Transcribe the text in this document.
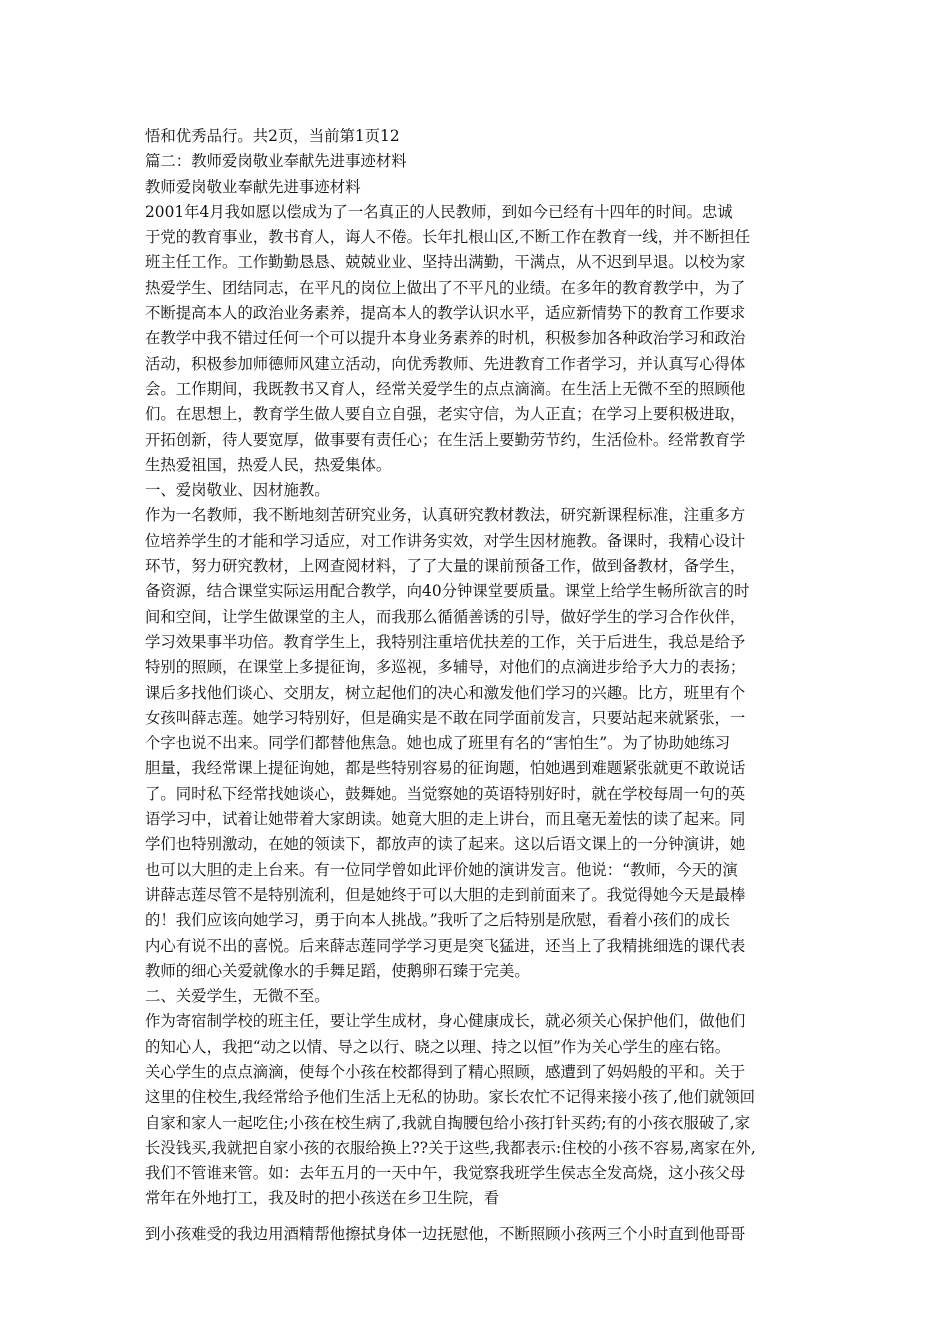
悟和优秀品行。共2页，当前第1页12
篇二：教师爱岗敬业奉献先进事迹材料
教师爱岗敬业奉献先进事迹材料
2001年4月我如愿以偿成为了一名真正的人民教师，到如今已经有十四年的时间。忠诚
于党的教育事业，教书育人，诲人不倦。长年扎根山区,不断工作在教育一线，并不断担任
班主任工作。工作勤勤恳恳、兢兢业业、坚持出满勤，干满点，从不迟到早退。以校为家
热爱学生、团结同志，在平凡的岗位上做出了不平凡的业绩。在多年的教育教学中，为了
不断提高本人的政治业务素养，提高本人的教学认识水平，适应新情势下的教育工作要求
在教学中我不错过任何一个可以提升本身业务素养的时机，积极参加各种政治学习和政治
活动，积极参加师德师风建立活动，向优秀教师、先进教育工作者学习，并认真写心得体
会。工作期间，我既教书又育人，经常关爱学生的点点滴滴。在生活上无微不至的照顾他
们。在思想上，教育学生做人要自立自强，老实守信，为人正直；在学习上要积极进取，
开拓创新，待人要宽厚，做事要有责任心；在生活上要勤劳节约，生活俭朴。经常教育学
生热爱祖国，热爱人民，热爱集体。
一、爱岗敬业、因材施教。
作为一名教师，我不断地刻苦研究业务，认真研究教材教法，研究新课程标准，注重多方
位培养学生的才能和学习适应，对工作讲务实效，对学生因材施教。备课时，我精心设计
环节，努力研究教材，上网查阅材料，了了大量的课前预备工作，做到备教材，备学生，
备资源，结合课堂实际运用配合教学，向40分钟课堂要质量。课堂上给学生畅所欲言的时
间和空间，让学生做课堂的主人，而我那么循循善诱的引导，做好学生的学习合作伙伴，
学习效果事半功倍。教育学生上，我特别注重培优扶差的工作，关于后进生，我总是给予
特别的照顾，在课堂上多提征询，多巡视，多辅导，对他们的点滴进步给予大力的表扬；
课后多找他们谈心、交朋友，树立起他们的决心和激发他们学习的兴趣。比方，班里有个
女孩叫薛志莲。她学习特别好，但是确实是不敢在同学面前发言，只要站起来就紧张，一
个字也说不出来。同学们都替他焦急。她也成了班里有名的“害怕生”。为了协助她练习
胆量，我经常课上提征询她，都是些特别容易的征询题，怕她遇到难题紧张就更不敢说话
了。同时私下经常找她谈心，鼓舞她。当觉察她的英语特别好时，就在学校每周一句的英
语学习中，试着让她带着大家朗读。她竟大胆的走上讲台，而且毫无羞怯的读了起来。同
学们也特别激动，在她的领读下，都放声的读了起来。这以后语文课上的一分钟演讲，她
也可以大胆的走上台来。有一位同学曾如此评价她的演讲发言。他说：“教师，今天的演
讲薛志莲尽管不是特别流利，但是她终于可以大胆的走到前面来了。我觉得她今天是最棒
的！我们应该向她学习，勇于向本人挑战。”我听了之后特别是欣慰，看着小孩们的成长
内心有说不出的喜悦。后来薛志莲同学学习更是突飞猛进，还当上了我精挑细选的课代表
教师的细心关爱就像水的手舞足蹈，使鹅卵石臻于完美。
二、关爱学生，无微不至。
作为寄宿制学校的班主任，要让学生成材，身心健康成长，就必须关心保护他们，做他们
的知心人，我把“动之以情、导之以行、晓之以理、持之以恒”作为关心学生的座右铭。
关心学生的点点滴滴，使每个小孩在校都得到了精心照顾，感遭到了妈妈般的平和。关于
这里的住校生,我经常给予他们生活上无私的协助。家长农忙不记得来接小孩了,他们就领回
自家和家人一起吃住;小孩在校生病了,我就自掏腰包给小孩打针买药;有的小孩衣服破了,家
长没钱买,我就把自家小孩的衣服给换上??关于这些,我都表示:住校的小孩不容易,离家在外,
我们不管谁来管。如：去年五月的一天中午，我觉察我班学生侯志全发高烧，这小孩父母
常年在外地打工，我及时的把小孩送在乡卫生院，看
到小孩难受的我边用酒精帮他擦拭身体一边抚慰他，不断照顾小孩两三个小时直到他哥哥
